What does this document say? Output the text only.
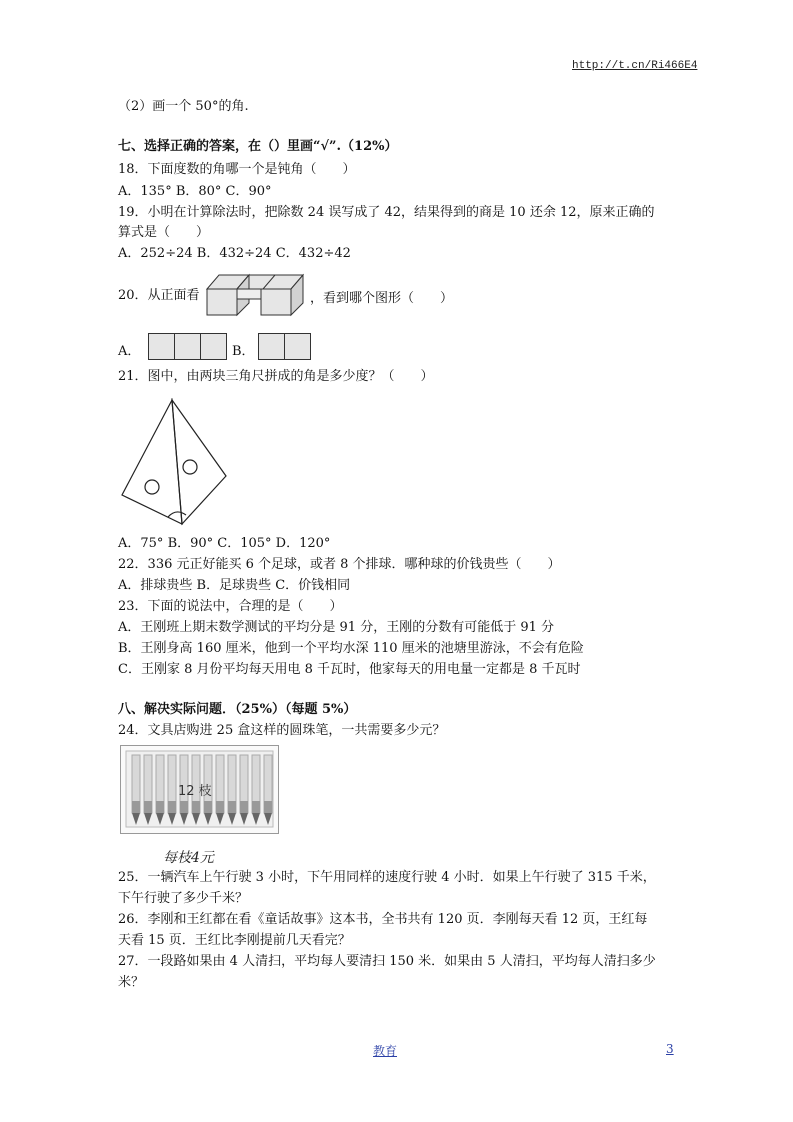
http://t.cn/Ri466E4
（2）画一个 50°的角.
七、选择正确的答案，在（）里画“√”.（12%）
18．下面度数的角哪一个是钝角（　　）
A．135° B．80° C．90°
19．小明在计算除法时，把除数 24 误写成了 42，结果得到的商是 10 还余 12，原来正确的
算式是（　　）
A．252÷24 B．432÷24 C．432÷42
20．从正面看	，看到哪个图形（　　）
A．	B．
21．图中，由两块三角尺拼成的角是多少度？（　　）
A．75° B．90° C．105° D．120°
22．336 元正好能买 6 个足球，或者 8 个排球．哪种球的价钱贵些（　　）
A．排球贵些 B．足球贵些 C．价钱相同
23．下面的说法中，合理的是（　　）
A．王刚班上期末数学测试的平均分是 91 分，王刚的分数有可能低于 91 分
B．王刚身高 160 厘米，他到一个平均水深 110 厘米的池塘里游泳，不会有危险
C．王刚家 8 月份平均每天用电 8 千瓦时，他家每天的用电量一定都是 8 千瓦时
八、解决实际问题．（25%）（每题 5%）
24．文具店购进 25 盒这样的圆珠笔，一共需要多少元？
12 枝
每枝4元
25．一辆汽车上午行驶 3 小时，下午用同样的速度行驶 4 小时．如果上午行驶了 315 千米，
下午行驶了多少千米？
26．李刚和王红都在看《童话故事》这本书，全书共有 120 页．李刚每天看 12 页，王红每
天看 15 页．王红比李刚提前几天看完？
27．一段路如果由 4 人清扫，平均每人要清扫 150 米．如果由 5 人清扫，平均每人清扫多少
米？
教育	3
